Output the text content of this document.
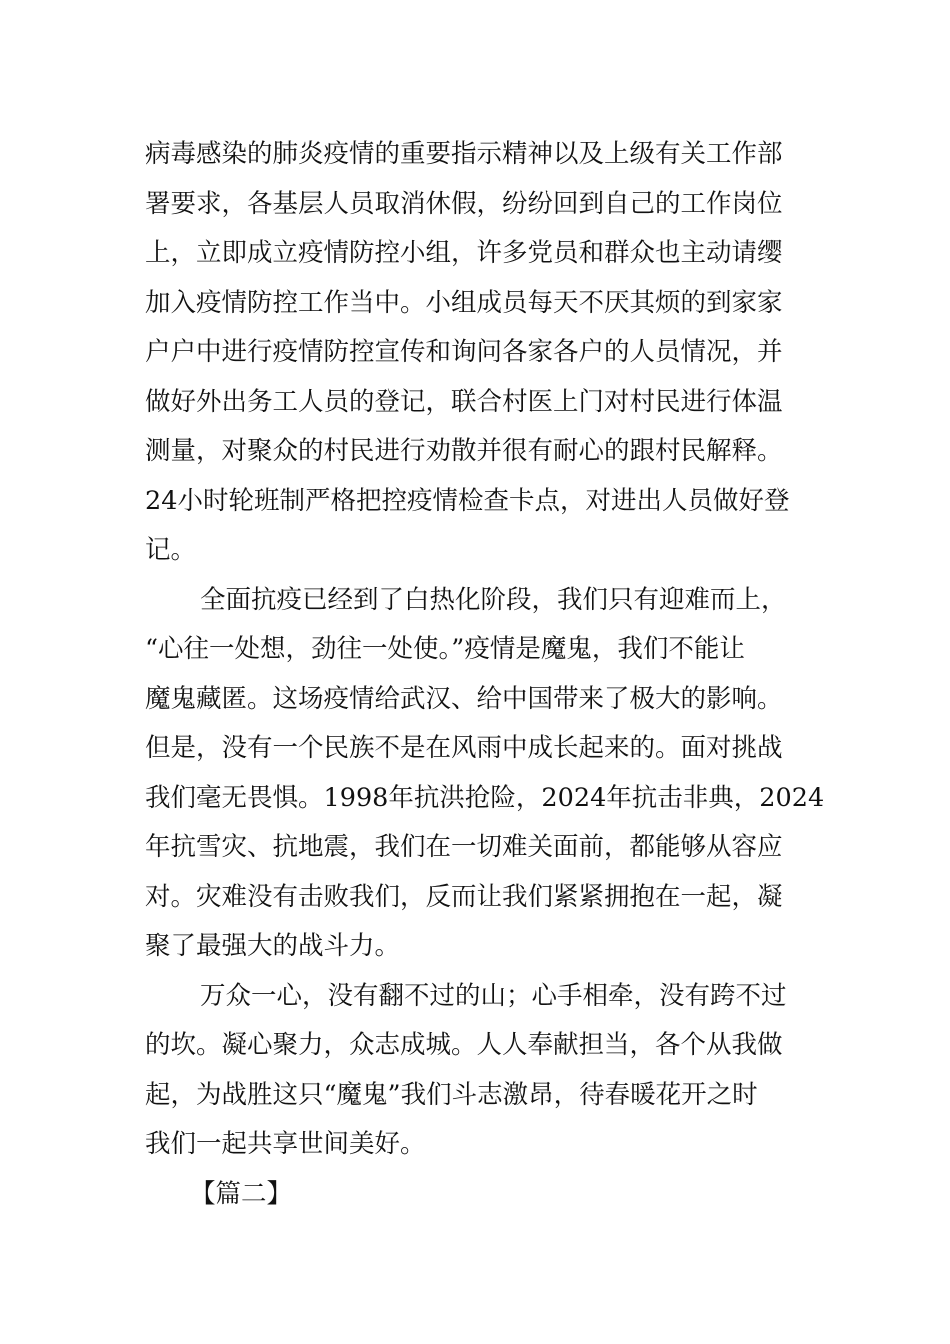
病毒感染的肺炎疫情的重要指示精神以及上级有关工作部
署要求，各基层人员取消休假，纷纷回到自己的工作岗位
上，立即成立疫情防控小组，许多党员和群众也主动请缨
加入疫情防控工作当中。小组成员每天不厌其烦的到家家
户户中进行疫情防控宣传和询问各家各户的人员情况，并
做好外出务工人员的登记，联合村医上门对村民进行体温
测量，对聚众的村民进行劝散并很有耐心的跟村民解释。
24小时轮班制严格把控疫情检查卡点，对进出人员做好登
记。
全面抗疫已经到了白热化阶段，我们只有迎难而上，
“心往一处想，劲往一处使。”疫情是魔鬼，我们不能让
魔鬼藏匿。这场疫情给武汉、给中国带来了极大的影响。
但是，没有一个民族不是在风雨中成长起来的。面对挑战
我们毫无畏惧。1998年抗洪抢险，2024年抗击非典，2024
年抗雪灾、抗地震，我们在一切难关面前，都能够从容应
对。灾难没有击败我们，反而让我们紧紧拥抱在一起，凝
聚了最强大的战斗力。
万众一心，没有翻不过的山；心手相牵，没有跨不过
的坎。凝心聚力，众志成城。人人奉献担当，各个从我做
起，为战胜这只“魔鬼”我们斗志激昂，待春暖花开之时
我们一起共享世间美好。
【篇二】
